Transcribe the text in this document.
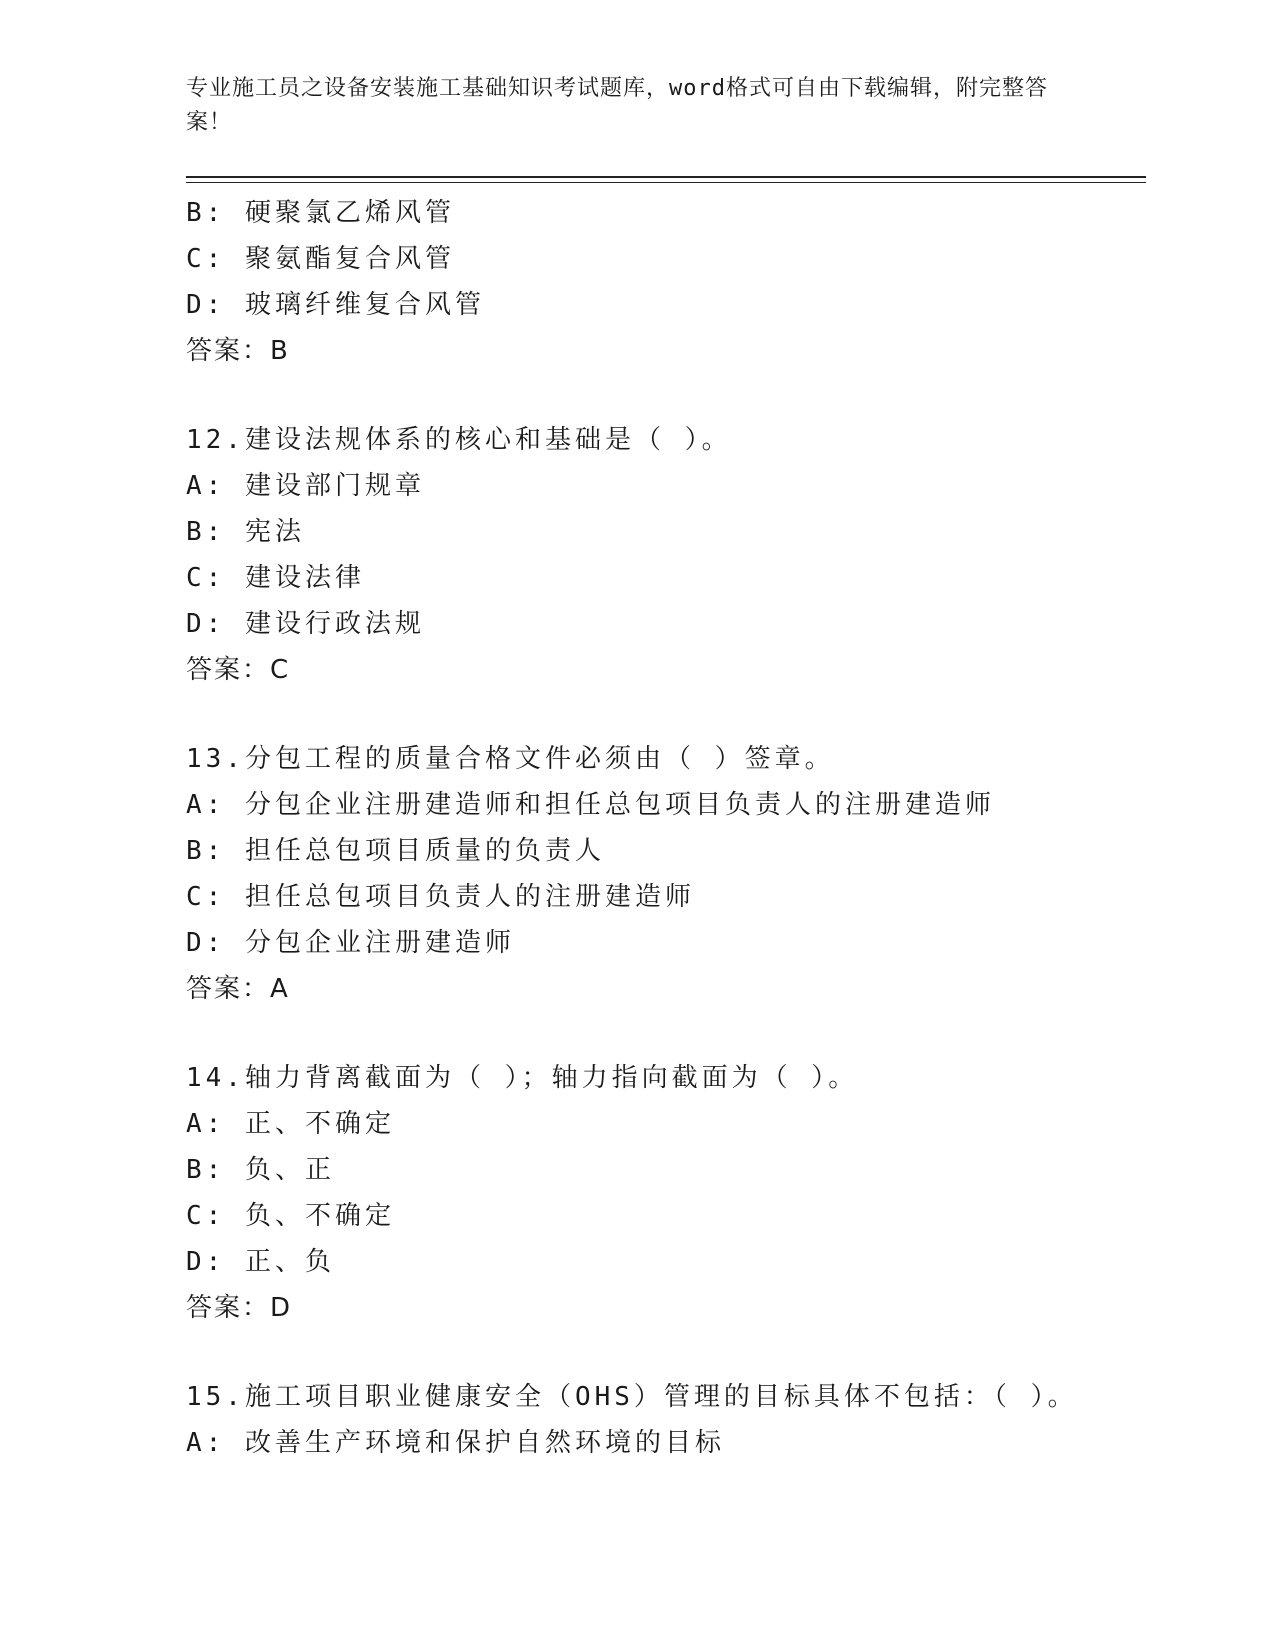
专业施工员之设备安装施工基础知识考试题库，word格式可自由下载编辑，附完整答案！
B: 硬聚氯乙烯风管
C: 聚氨酯复合风管
D: 玻璃纤维复合风管
答案：B
12.建设法规体系的核心和基础是（ ）。
A: 建设部门规章
B: 宪法
C: 建设法律
D: 建设行政法规
答案：C
13.分包工程的质量合格文件必须由（ ）签章。
A: 分包企业注册建造师和担任总包项目负责人的注册建造师
B: 担任总包项目质量的负责人
C: 担任总包项目负责人的注册建造师
D: 分包企业注册建造师
答案：A
14.轴力背离截面为（ ）；轴力指向截面为（ ）。
A: 正、不确定
B: 负、正
C: 负、不确定
D: 正、负
答案：D
15.施工项目职业健康安全（OHS）管理的目标具体不包括：（ ）。
A: 改善生产环境和保护自然环境的目标
